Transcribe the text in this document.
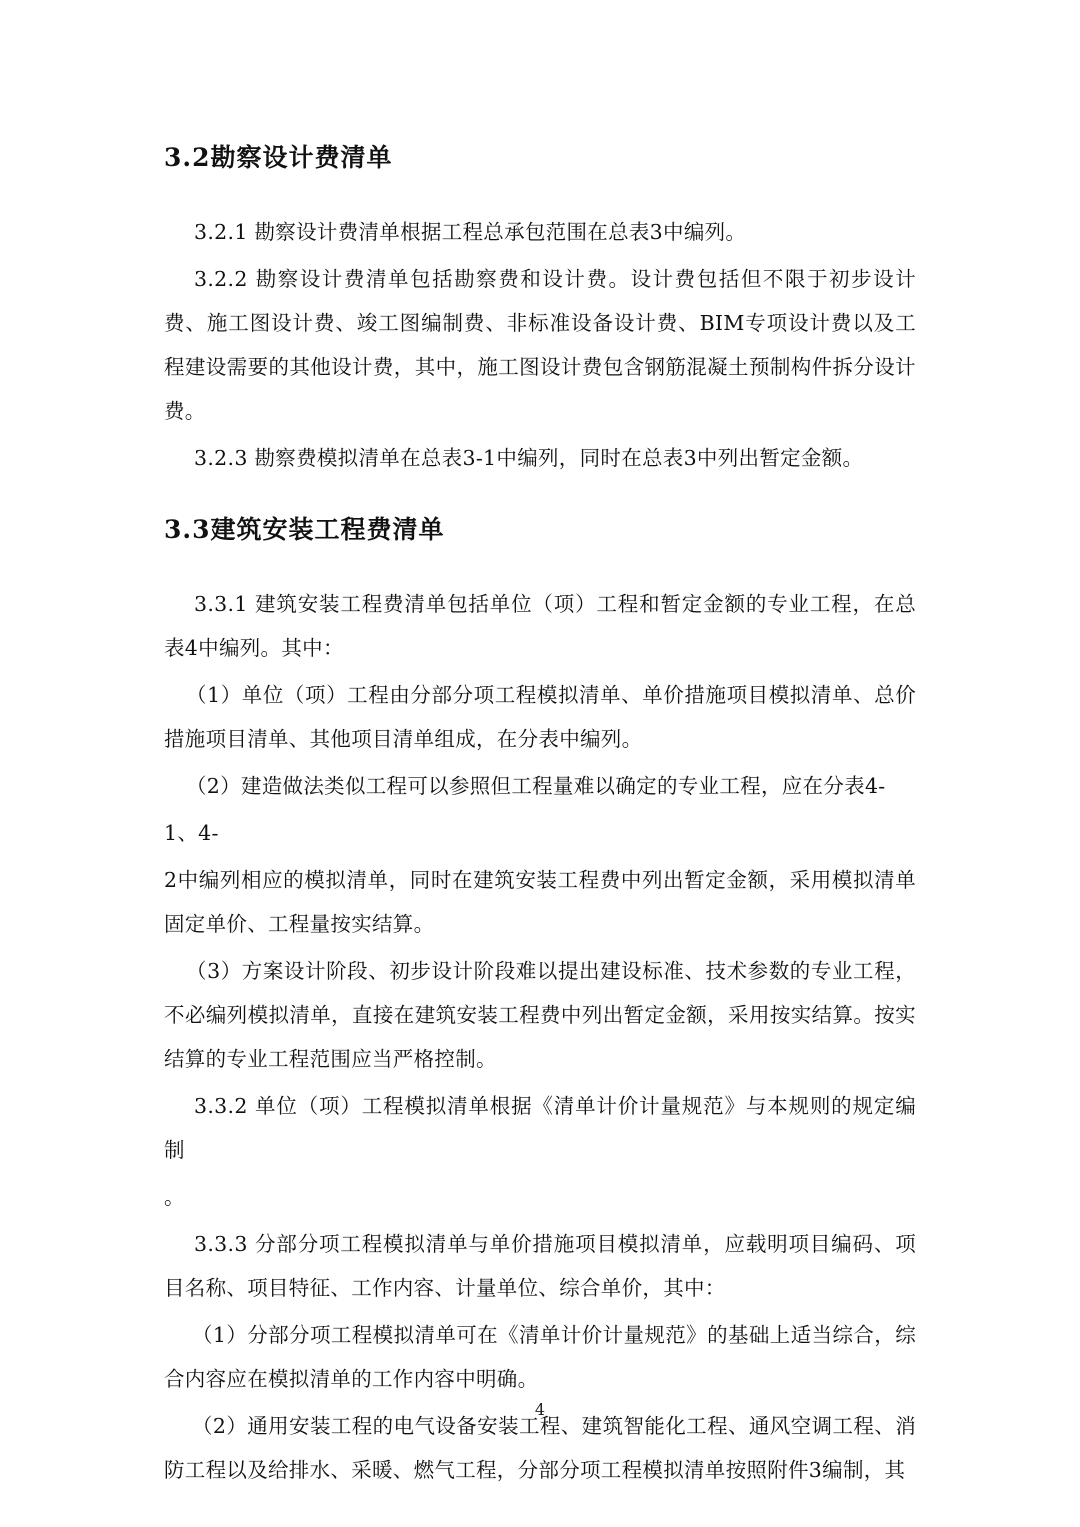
3.2勘察设计费清单

3.2.1 勘察设计费清单根据工程总承包范围在总表3中编列。

3.2.2 勘察设计费清单包括勘察费和设计费。设计费包括但不限于初步设计费、施工图设计费、竣工图编制费、非标准设备设计费、BIM专项设计费以及工程建设需要的其他设计费，其中，施工图设计费包含钢筋混凝土预制构件拆分设计费。

3.2.3 勘察费模拟清单在总表3-1中编列，同时在总表3中列出暂定金额。

3.3建筑安装工程费清单

3.3.1 建筑安装工程费清单包括单位（项）工程和暂定金额的专业工程，在总表4中编列。其中：

（1）单位（项）工程由分部分项工程模拟清单、单价措施项目模拟清单、总价措施项目清单、其他项目清单组成，在分表中编列。

（2）建造做法类似工程可以参照但工程量难以确定的专业工程，应在分表4-

1、4-

2中编列相应的模拟清单，同时在建筑安装工程费中列出暂定金额，采用模拟清单固定单价、工程量按实结算。

（3）方案设计阶段、初步设计阶段难以提出建设标准、技术参数的专业工程，不必编列模拟清单，直接在建筑安装工程费中列出暂定金额，采用按实结算。按实结算的专业工程范围应当严格控制。

3.3.2 单位（项）工程模拟清单根据《清单计价计量规范》与本规则的规定编制

。

3.3.3 分部分项工程模拟清单与单价措施项目模拟清单，应载明项目编码、项目名称、项目特征、工作内容、计量单位、综合单价，其中：

（1）分部分项工程模拟清单可在《清单计价计量规范》的基础上适当综合，综合内容应在模拟清单的工作内容中明确。

（2）通用安装工程的电气设备安装工程、建筑智能化工程、通风空调工程、消防工程以及给排水、采暖、燃气工程，分部分项工程模拟清单按照附件3编制，其

4
